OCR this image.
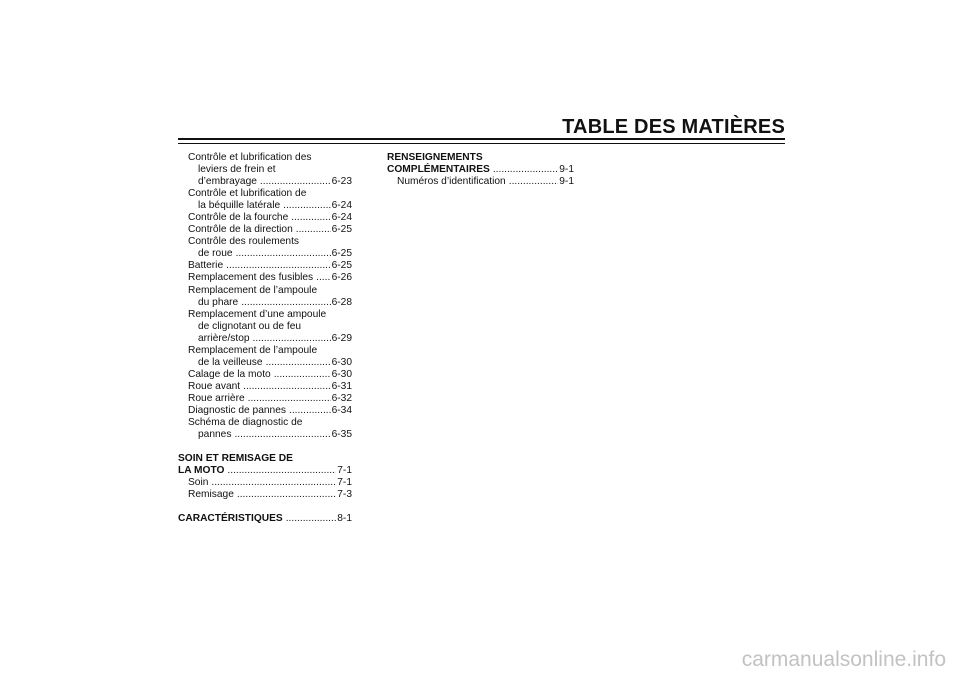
TABLE DES MATIÈRES
Contrôle et lubrification des
leviers de frein et
d’embrayage .....	6-23
Contrôle et lubrification de
la béquille latérale .....	6-24
Contrôle de la fourche .....	6-24
Contrôle de la direction .....	6-25
Contrôle des roulements
de roue .....	6-25
Batterie .....	6-25
Remplacement des fusibles ..... 6-26
Remplacement de l’ampoule
du phare .....	6-28
Remplacement d’une ampoule
de clignotant ou de feu
arrière/stop .....	6-29
Remplacement de l’ampoule
de la veilleuse .....	6-30
Calage de la moto .....	6-30
Roue avant .....	6-31
Roue arrière .....	6-32
Diagnostic de pannes .....	6-34
Schéma de diagnostic de
pannes .....	6-35
SOIN ET REMISAGE DE
LA MOTO .....	7-1
Soin .....	7-1
Remisage .....	7-3
CARACTÉRISTIQUES .....	8-1
RENSEIGNEMENTS
COMPLÉMENTAIRES .....	9-1
Numéros d’identification .....	9-1
carmanualsonline.info
